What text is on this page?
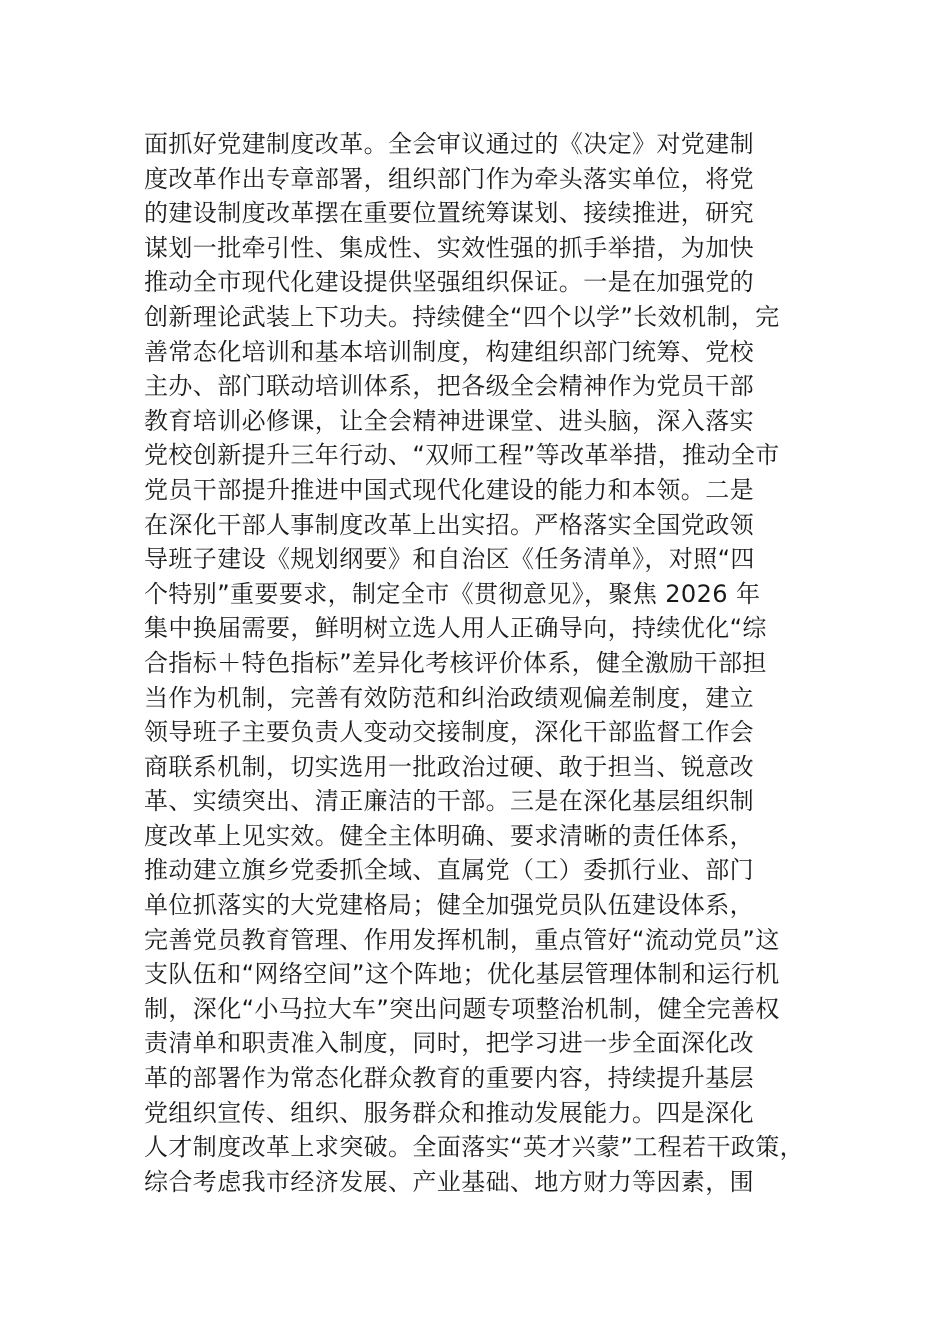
面抓好党建制度改革。全会审议通过的《决定》对党建制
度改革作出专章部署，组织部门作为牵头落实单位，将党
的建设制度改革摆在重要位置统筹谋划、接续推进，研究
谋划一批牵引性、集成性、实效性强的抓手举措，为加快
推动全市现代化建设提供坚强组织保证。一是在加强党的
创新理论武装上下功夫。持续健全“四个以学”长效机制，完
善常态化培训和基本培训制度，构建组织部门统筹、党校
主办、部门联动培训体系，把各级全会精神作为党员干部
教育培训必修课，让全会精神进课堂、进头脑，深入落实
党校创新提升三年行动、“双师工程”等改革举措，推动全市
党员干部提升推进中国式现代化建设的能力和本领。二是
在深化干部人事制度改革上出实招。严格落实全国党政领
导班子建设《规划纲要》和自治区《任务清单》，对照“四
个特别”重要要求，制定全市《贯彻意见》，聚焦 2026 年
集中换届需要，鲜明树立选人用人正确导向，持续优化“综
合指标＋特色指标”差异化考核评价体系，健全激励干部担
当作为机制，完善有效防范和纠治政绩观偏差制度，建立
领导班子主要负责人变动交接制度，深化干部监督工作会
商联系机制，切实选用一批政治过硬、敢于担当、锐意改
革、实绩突出、清正廉洁的干部。三是在深化基层组织制
度改革上见实效。健全主体明确、要求清晰的责任体系，
推动建立旗乡党委抓全域、直属党（工）委抓行业、部门
单位抓落实的大党建格局；健全加强党员队伍建设体系，
完善党员教育管理、作用发挥机制，重点管好“流动党员”这
支队伍和“网络空间”这个阵地；优化基层管理体制和运行机
制，深化“小马拉大车”突出问题专项整治机制，健全完善权
责清单和职责准入制度，同时，把学习进一步全面深化改
革的部署作为常态化群众教育的重要内容，持续提升基层
党组织宣传、组织、服务群众和推动发展能力。四是深化
人才制度改革上求突破。全面落实“英才兴蒙”工程若干政策，
综合考虑我市经济发展、产业基础、地方财力等因素，围
